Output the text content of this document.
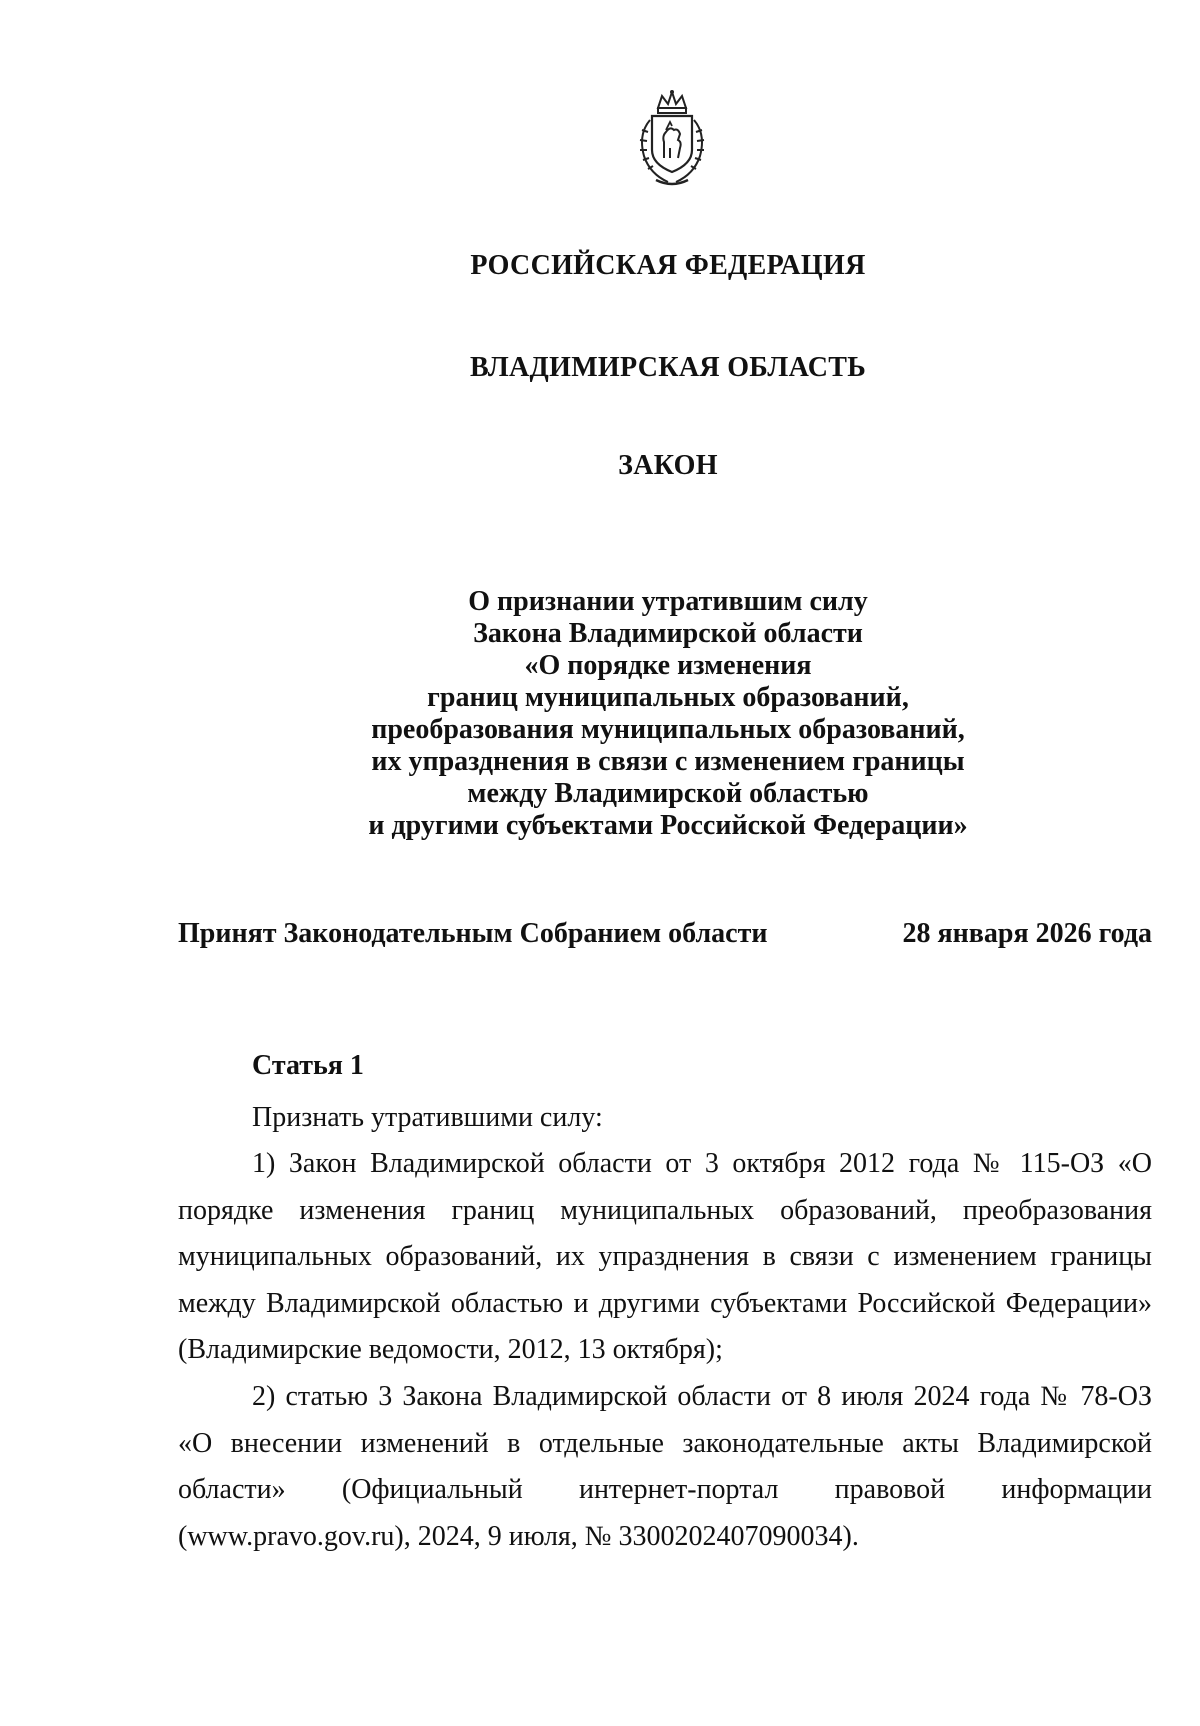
РОССИЙСКАЯ ФЕДЕРАЦИЯ
ВЛАДИМИРСКАЯ ОБЛАСТЬ
ЗАКОН
О признании утратившим силу
Закона Владимирской области
«О порядке изменения
границ муниципальных образований,
преобразования муниципальных образований,
их упразднения в связи с изменением границы
между Владимирской областью
и другими субъектами Российской Федерации»
Принят Законодательным Собранием области	28 января 2026 года
Статья 1
Признать утратившими силу:
1) Закон Владимирской области от 3 октября 2012 года № 115-ОЗ «О порядке изменения границ муниципальных образований, преобразования муниципальных образований, их упразднения в связи с изменением границы между Владимирской областью и другими субъектами Российской Федерации» (Владимирские ведомости, 2012, 13 октября);
2) статью 3 Закона Владимирской области от 8 июля 2024 года № 78-ОЗ «О внесении изменений в отдельные законодательные акты Владимирской области» (Официальный интернет-портал правовой информации (www.pravo.gov.ru), 2024, 9 июля, № 3300202407090034).
